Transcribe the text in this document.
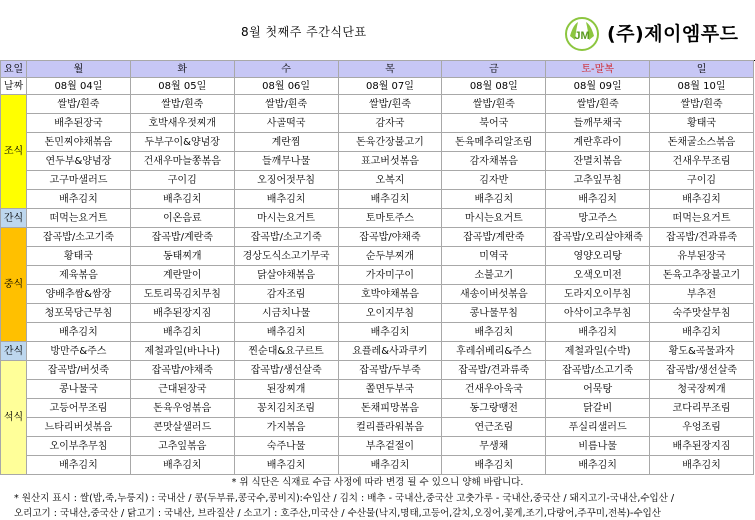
8월 첫째주 주간식단표	JM (주)제이엠푸드
요일	월	화	수	목	금	토-말복	일
날짜	08월 04일	08월 05일	08월 06일	08월 07일	08월 08일	08월 09일	08월 10일

조식	쌀밥/흰죽	쌀밥/흰죽	쌀밥/흰죽	쌀밥/흰죽	쌀밥/흰죽	쌀밥/흰죽	쌀밥/흰죽
	배추된장국	호박새우젓찌개	사골떡국	감자국	북어국	들깨무채국	황태국
	돈민찌야채볶음	두부구이&양념장	계란찜	돈육간장불고기	돈육메추리알조림	계란후라이	돈채굴소스볶음
	연두부&양념장	건새우마늘쫑볶음	들깨무나물	표고버섯볶음	감자채볶음	잔멸치볶음	건새우무조림
	고구마샐러드	구이김	오징어젓무침	오복지	김자반	고추잎무침	구이김
	배추김치	배추김치	배추김치	배추김치	배추김치	배추김치	배추김치

간식	떠먹는요거트	이온음료	마시는요거트	토마토주스	마시는요거트	망고주스	떠먹는요거트

중식	잡곡밥/소고기죽	잡곡밥/계란죽	잡곡밥/소고기죽	잡곡밥/야채죽	잡곡밥/계란죽	잡곡밥/오리살야채죽	잡곡밥/견과류죽
	황태국	동태찌개	경상도식소고기무국	순두부찌개	미역국	영양오리탕	유부된장국
	제육볶음	계란말이	닭살야채볶음	가자미구이	소불고기	오색오미전	돈육고추장불고기
	양배추쌈&쌈장	도토리묵김치무침	감자조림	호박야채볶음	새송이버섯볶음	도라지오이무침	부추전
	청포묵당근무침	배추된장지짐	시금치나물	오이지무침	콩나물무침	아삭이고추무침	숙주맛살무침
	배추김치	배추김치	배추김치	배추김치	배추김치	배추김치	배추김치

간식	방만주&주스	제철과일(바나나)	찐순대&요구르트	요플레&사과쿠키	후레쉬베리&주스	제철과일(수박)	황도&곡물과자

석식	잡곡밥/버섯죽	잡곡밥/야채죽	잡곡밥/생선살죽	잡곡밥/두부죽	잡곡밥/견과류죽	잡곡밥/소고기죽	잡곡밥/생선살죽
	콩나물국	근대된장국	된장찌개	쫄면두부국	건새우아욱국	어묵탕	청국장찌개
	고등어무조림	돈육우엉볶음	꽁치김치조림	돈채피망볶음	동그랑땡전	닭갈비	코다리무조림
	느타리버섯볶음	콘맛살샐러드	가지볶음	컬리플라워볶음	연근조림	푸실리샐러드	우엉조림
	오이부추무침	고추잎볶음	숙주나물	부추겉절이	무생채	비름나물	배추된장지짐
	배추김치	배추김치	배추김치	배추김치	배추김치	배추김치	배추김치
* 위 식단은 식재료 수급 사정에 따라 변경 될 수 있으니 양해 바랍니다.
* 원산지 표시 : 쌀(밥,죽,누룽지) : 국내산 / 콩(두부류,콩국수,콩비지):수입산 / 김치 : 배추 - 국내산,중국산 고춧가루 - 국내산,중국산 / 돼지고기-국내산,수입산 /
오리고기 : 국내산,중국산 / 닭고기 : 국내산, 브라질산 / 소고기 : 호주산,미국산 / 수산물(낙지,명태,고등어,갈치,오징어,꽃게,조기,다랑어,주꾸미,전복)-수입산
